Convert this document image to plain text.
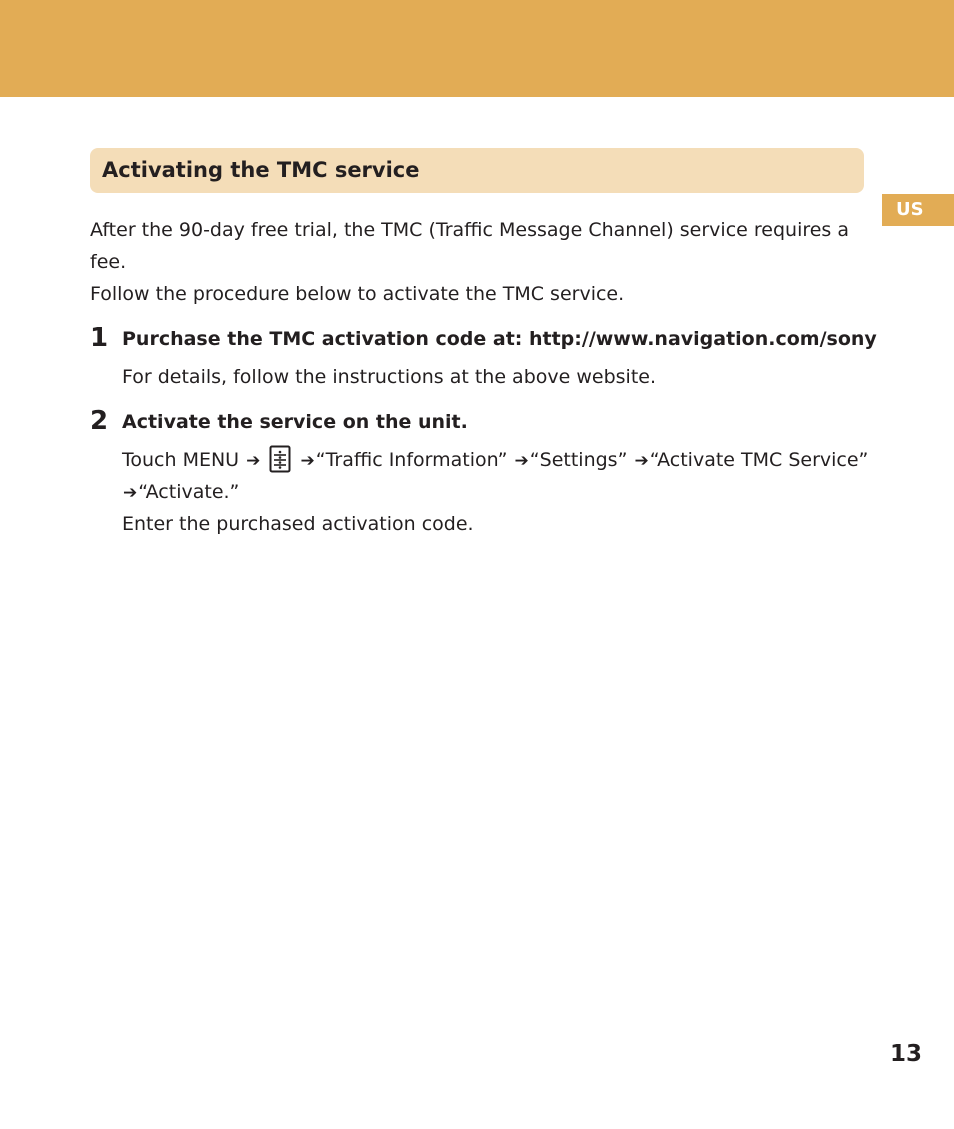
US
Activating the TMC service

After the 90-day free trial, the TMC (Traffic Message Channel) service requires a

fee.

Follow the procedure below to activate the TMC service.

1 Purchase the TMC activation code at: http://www.navigation.com/sony

For details, follow the instructions at the above website.

2 Activate the service on the unit.
Touch MENU ➔ ➔“Traffic Information” ➔“Settings” ➔“Activate TMC Service”
➔“Activate.”

Enter the purchased activation code.

13
